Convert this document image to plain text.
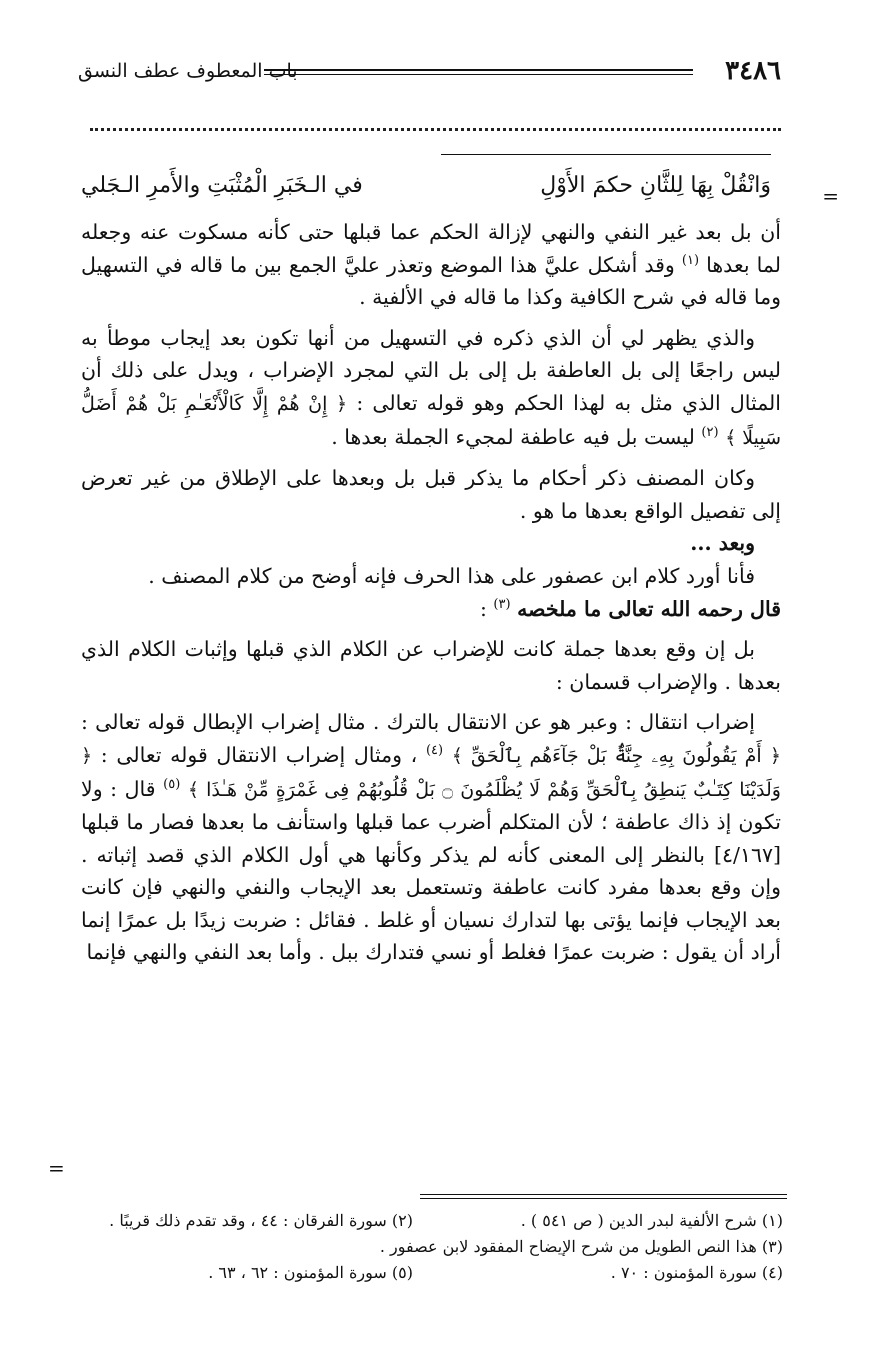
٣٤٨٦
باب المعطوف عطف النسق
وَانْقُلْ بِهَا لِلثَّانِ حكمَ الأَوْلِ
في الـخَبَرِ الْمُثْبَتِ والأَمرِ الـجَلي	=
=

أن بل بعد غير النفي والنهي لإزالة الحكم عما قبلها حتى كأنه مسكوت عنه وجعله لما بعدها $^{(١)}$ وقد أشكل عليَّ هذا الموضع وتعذر عليَّ الجمع بين ما قاله في التسهيل وما قاله في شرح الكافية وكذا ما قاله في الألفية .

والذي يظهر لي أن الذي ذكره في التسهيل من أنها تكون بعد إيجاب موطأ به ليس راجعًا إلى بل العاطفة بل إلى بل التي لمجرد الإضراب ، ويدل على ذلك أن المثال الذي مثل به لهذا الحكم وهو قوله تعالى : ﴿ إِنْ هُمْ إِلَّا كَالْأَنْعَـٰمِ بَلْ هُمْ أَضَلُّ سَبِيلًا ﴾ $^{(٢)}$ ليست بل فيه عاطفة لمجيء الجملة بعدها .

وكان المصنف ذكر أحكام ما يذكر قبل بل وبعدها على الإطلاق من غير تعرض إلى تفصيل الواقع بعدها ما هو .

وبعد ...

فأنا أورد كلام ابن عصفور على هذا الحرف فإنه أوضح من كلام المصنف .

قال رحمه الله تعالى ما ملخصه $^{(٣)}$ :

بل إن وقع بعدها جملة كانت للإضراب عن الكلام الذي قبلها وإثبات الكلام الذي بعدها . والإضراب قسمان :

إضراب انتقال : وعبر هو عن الانتقال بالترك . مثال إضراب الإبطال قوله تعالى : ﴿ أَمْ يَقُولُونَ بِهِۦ جِنَّةٌۢ بَلْ جَآءَهُم بِٱلْحَقِّ ﴾ $^{(٤)}$ ، ومثال إضراب الانتقال قوله تعالى : ﴿ وَلَدَيْنَا كِتَـٰبٌ يَنطِقُ بِٱلْحَقِّ وَهُمْ لَا يُظْلَمُونَ ۝ بَلْ قُلُوبُهُمْ فِى غَمْرَةٍ مِّنْ هَـٰذَا ﴾ $^{(٥)}$ قال : ولا تكون إذ ذاك عاطفة ؛ لأن المتكلم أضرب عما قبلها واستأنف ما بعدها فصار ما قبلها [٤/١٦٧] بالنظر إلى المعنى كأنه لم يذكر وكأنها هي أول الكلام الذي قصد إثباته . وإن وقع بعدها مفرد كانت عاطفة وتستعمل بعد الإيجاب والنفي والنهي فإن كانت بعد الإيجاب فإنما يؤتى بها لتدارك نسيان أو غلط . فقائل : ضربت زيدًا بل عمرًا إنما أراد أن يقول : ضربت عمرًا فغلط أو نسي فتدارك ببل . وأما بعد النفي والنهي فإنما

(١) شرح الألفية لبدر الدين ( ص ٥٤١ ) .
(٢) سورة الفرقان : ٤٤ ، وقد تقدم ذلك قريبًا .
(٣) هذا النص الطويل من شرح الإيضاح المفقود لابن عصفور .
(٤) سورة المؤمنون : ٧٠ .
(٥) سورة المؤمنون : ٦٢ ، ٦٣ .
